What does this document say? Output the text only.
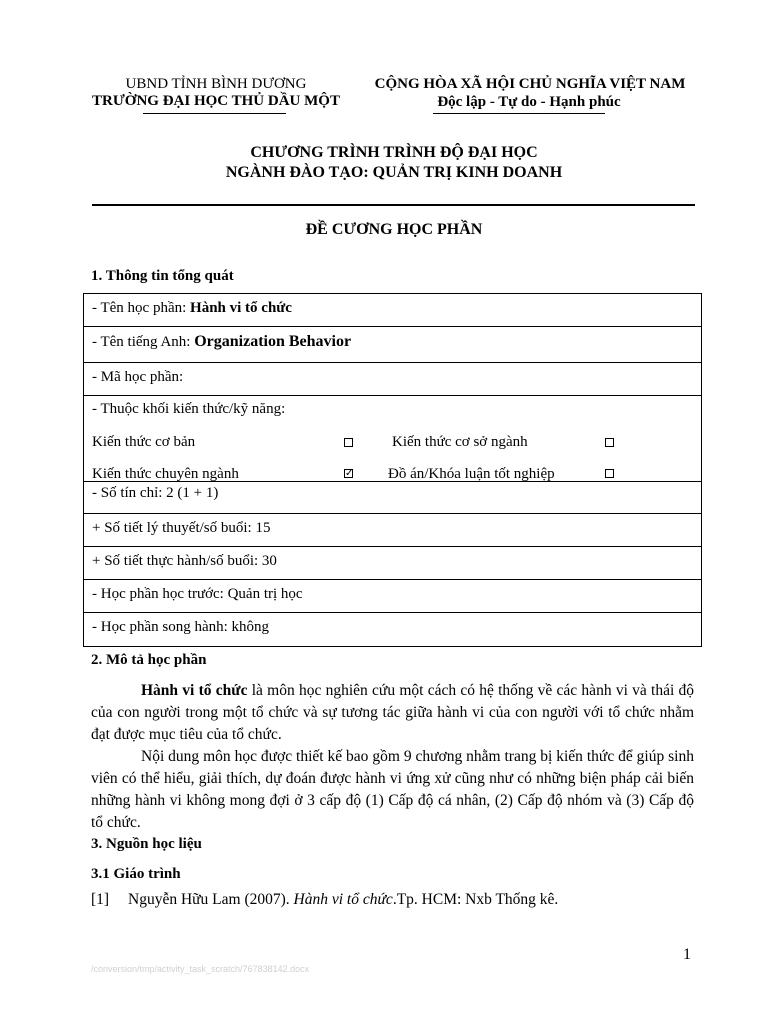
UBND TỈNH BÌNH DƯƠNG
TRƯỜNG ĐẠI HỌC THỦ DẦU MỘT
CỘNG HÒA XÃ HỘI CHỦ NGHĨA VIỆT NAM
Độc lập - Tự do - Hạnh phúc
CHƯƠNG TRÌNH TRÌNH ĐỘ ĐẠI HỌC
NGÀNH ĐÀO TẠO: QUẢN TRỊ KINH DOANH
ĐỀ CƯƠNG HỌC PHẦN
1. Thông tin tổng quát
- Tên học phần: Hành vi tổ chức
- Tên tiếng Anh: Organization Behavior
- Mã học phần:
- Thuộc khối kiến thức/kỹ năng:
Kiến thức cơ bản	Kiến thức cơ sở ngành
Kiến thức chuyên ngành	✓ Đồ án/Khóa luận tốt nghiệp
- Số tín chỉ: 2 (1 + 1)
+ Số tiết lý thuyết/số buổi: 15
+ Số tiết thực hành/số buổi: 30
- Học phần học trước: Quản trị học
- Học phần song hành: không
2. Mô tả học phần
Hành vi tổ chức là môn học nghiên cứu một cách có hệ thống về các hành vi và thái độ của con người trong một tổ chức và sự tương tác giữa hành vi của con người với tổ chức nhằm đạt được mục tiêu của tổ chức.
Nội dung môn học được thiết kế bao gồm 9 chương nhằm trang bị kiến thức để giúp sinh viên có thể hiểu, giải thích, dự đoán được hành vi ứng xử cũng như có những biện pháp cải biến những hành vi không mong đợi ở 3 cấp độ (1) Cấp độ cá nhân, (2) Cấp độ nhóm và (3) Cấp độ tổ chức.
3. Nguồn học liệu
3.1 Giáo trình
[1] Nguyễn Hữu Lam (2007). Hành vi tổ chức.Tp. HCM: Nxb Thống kê.
1
/conversion/tmp/activity_task_scratch/767838142.docx
